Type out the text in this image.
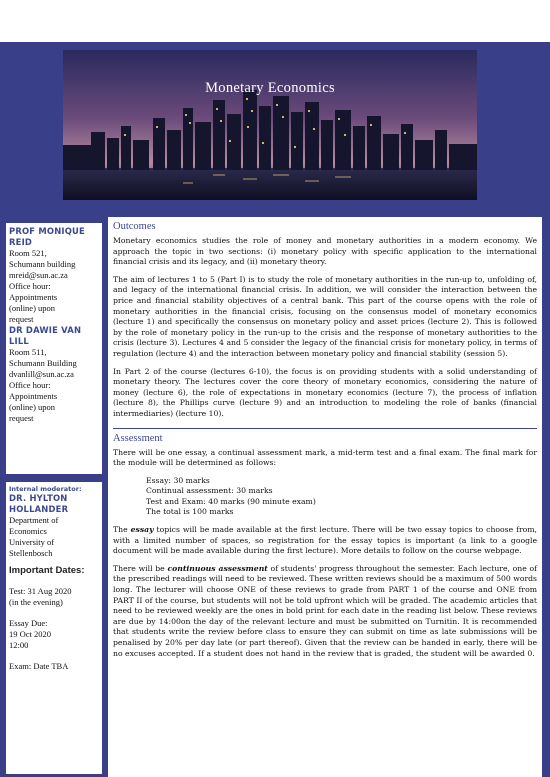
Monetary Economics
PROF MONIQUE REID
Room 521,
Schumann building
mreid@sun.ac.za
Office hour:
Appointments
(online) upon
request
DR DAWIE VAN LILL
Room 511,
Schumann Building
dvanlill@sun.ac.za
Office hour:
Appointments
(online) upon
request
Internal moderator:
DR. HYLTON HOLLANDER
Department of
Economics
University of
Stellenbosch
Important Dates:
Test: 31 Aug 2020
(in the evening)
Essay Due:
19 Oct 2020
12:00
Exam: Date TBA
Outcomes

Monetary economics studies the role of money and monetary authorities in a modern economy. We approach the topic in two sections: (i) monetary policy with specific application to the international financial crisis and its legacy, and (ii) monetary theory.

The aim of lectures 1 to 5 (Part I) is to study the role of monetary authorities in the run-up to, unfolding of, and legacy of the international financial crisis. In addition, we will consider the interaction between the price and financial stability objectives of a central bank. This part of the course opens with the role of monetary authorities in the financial crisis, focusing on the consensus model of monetary economics (lecture 1) and specifically the consensus on monetary policy and asset prices (lecture 2). This is followed by the role of monetary policy in the run-up to the crisis and the response of monetary authorities to the crisis (lecture 3). Lectures 4 and 5 consider the legacy of the financial crisis for monetary policy, in terms of regulation (lecture 4) and the interaction between monetary policy and financial stability (session 5).

In Part 2 of the course (lectures 6-10), the focus is on providing students with a solid understanding of monetary theory. The lectures cover the core theory of monetary economics, considering the nature of money (lecture 6), the role of expectations in monetary economics (lecture 7), the process of inflation (lecture 8), the Phillips curve (lecture 9) and an introduction to modeling the role of banks (financial intermediaries) (lecture 10).

Assessment

There will be one essay, a continual assessment mark, a mid-term test and a final exam. The final mark for the module will be determined as follows:

Essay: 30 marks
Continual assessment: 30 marks
Test and Exam: 40 marks (90 minute exam)
The total is 100 marks

The essay topics will be made available at the first lecture. There will be two essay topics to choose from, with a limited number of spaces, so registration for the essay topics is important (a link to a google document will be made available during the first lecture). More details to follow on the course webpage.

There will be continuous assessment of students' progress throughout the semester. Each lecture, one of the prescribed readings will need to be reviewed. These written reviews should be a maximum of 500 words long. The lecturer will choose ONE of these reviews to grade from PART 1 of the course and ONE from PART II of the course, but students will not be told upfront which will be graded. The academic articles that need to be reviewed weekly are the ones in bold print for each date in the reading list below. These reviews are due by 14:00on the day of the relevant lecture and must be submitted on Turnitin. It is recommended that students write the review before class to ensure they can submit on time as late submissions will be penalised by 20% per day late (or part thereof). Given that the review can be handed in early, there will be no excuses accepted. If a student does not hand in the review that is graded, the student will be awarded 0.
